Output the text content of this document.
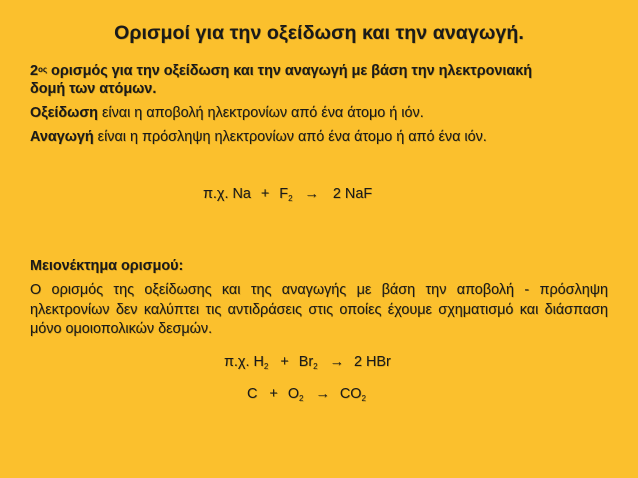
Ορισμοί για την οξείδωση και την αναγωγή.
$2^{o\varsigma}$ ορισμός για την οξείδωση και την αναγωγή με βάση την ηλεκτρονιακή
δομή των ατόμων.
Οξείδωση είναι η αποβολή ηλεκτρονίων από ένα άτομο ή ιόν.
Αναγωγή είναι η πρόσληψη ηλεκτρονίων από ένα άτομο ή από ένα ιόν.
π.χ. $Na + F_2 \to 2$ NaF
Μειονέκτημα ορισμού:
Ο ορισμός της οξείδωσης και της αναγωγής με βάση την αποβολή - πρόσληψη ηλεκτρονίων δεν καλύπτει τις αντιδράσεις στις οποίες έχουμε σχηματισμό και διάσπαση μόνο ομοιοπολικών δεσμών.
π.χ. $H_2 + Br_2 \to 2$ HBr
$C + O_2 \to CO_2$
